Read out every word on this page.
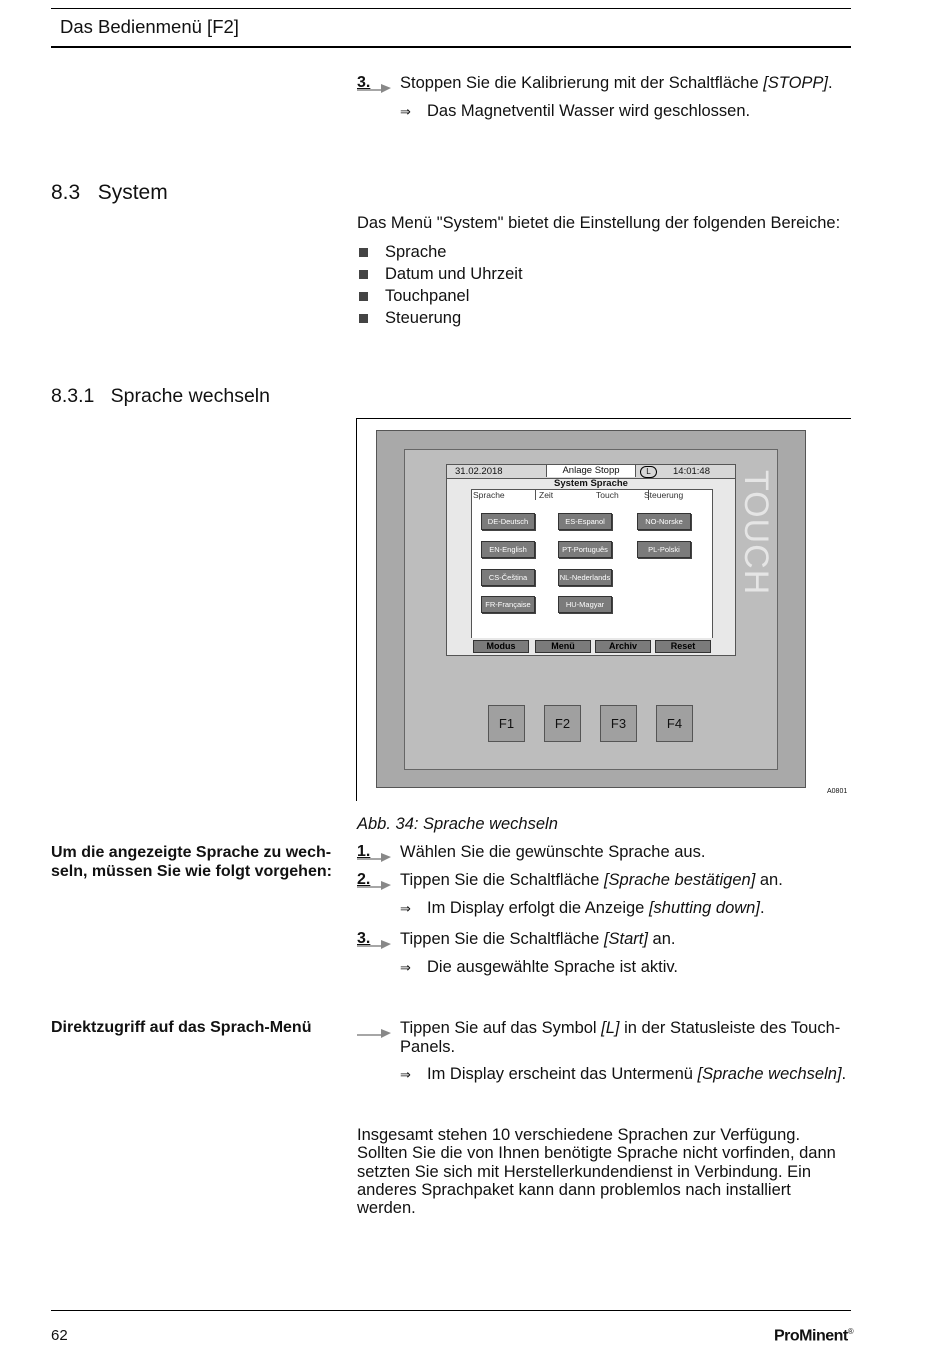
Das Bedienmenü [F2]
3. Stoppen Sie die Kalibrierung mit der Schaltfläche [STOPP].
⇒ Das Magnetventil Wasser wird geschlossen.
8.3   System
Das Menü "System" bietet die Einstellung der folgenden Bereiche:
Sprache
Datum und Uhrzeit
Touchpanel
Steuerung
8.3.1   Sprache wechseln
TOUCH
31.02.2018	Anlage Stopp	L	14:01:48
System Sprache
Sprache	Zeit	Touch	Steuerung
DE-Deutsch	ES-Espanol	NO-Norske
EN-English	PT-Português	PL-Polski
CS-Čeština	NL-Nederlands
FR-Française	HU-Magyar
Modus	Menü	Archiv	Reset
F1	F2	F3	F4
A0801
Abb. 34: Sprache wechseln
Um die angezeigte Sprache zu wech-
seln, müssen Sie wie folgt vorgehen:
1. Wählen Sie die gewünschte Sprache aus.
2. Tippen Sie die Schaltfläche [Sprache bestätigen] an.
⇒ Im Display erfolgt die Anzeige [shutting down].
3. Tippen Sie die Schaltfläche [Start] an.
⇒ Die ausgewählte Sprache ist aktiv.
Direktzugriff auf das Sprach-Menü	Tippen Sie auf das Symbol [L] in der Statusleiste des Touch-
Panels.
⇒ Im Display erscheint das Untermenü [Sprache wechseln].
Insgesamt stehen 10 verschiedene Sprachen zur Verfügung.
Sollten Sie die von Ihnen benötigte Sprache nicht vorfinden, dann
setzten Sie sich mit Herstellerkundendienst in Verbindung. Ein
anderes Sprachpaket kann dann problemlos nach installiert
werden.
62	ProMinent®
